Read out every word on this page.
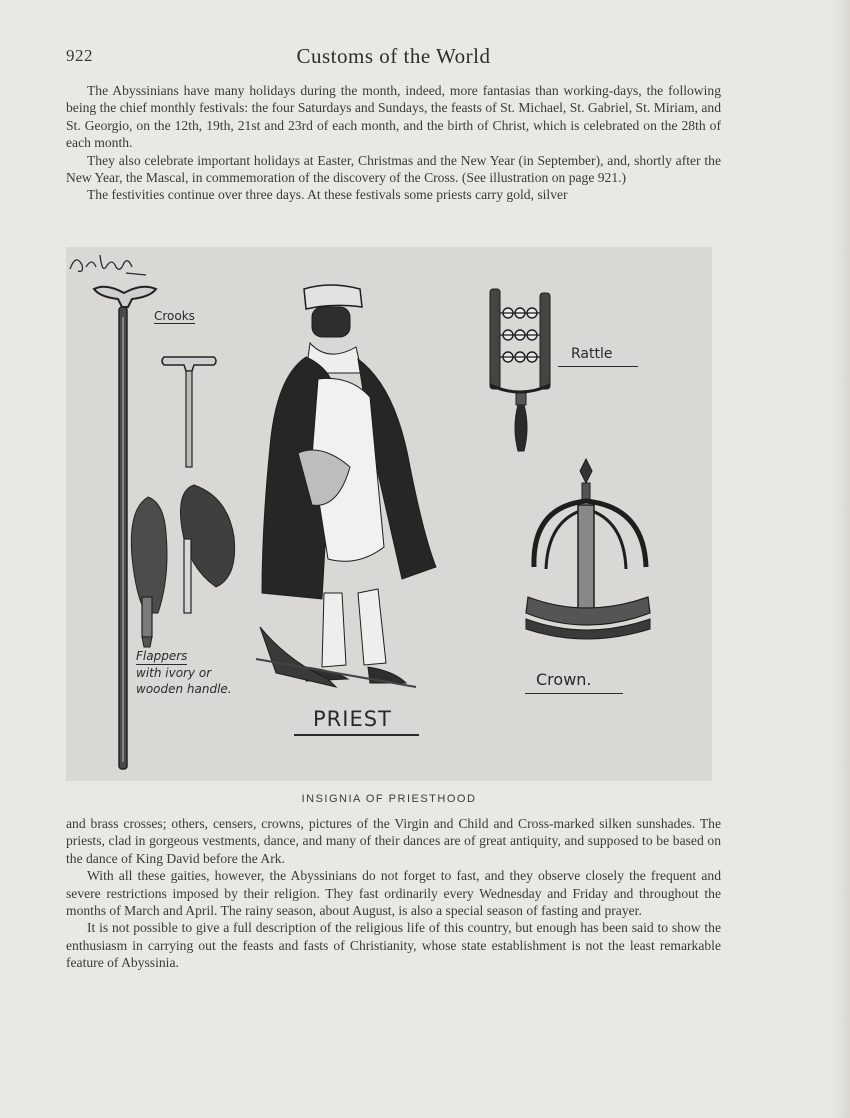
922	Customs of the World

The Abyssinians have many holidays during the month, indeed, more fantasias than working-days, the following being the chief monthly festivals: the four Saturdays and Sundays, the feasts of St. Michael, St. Gabriel, St. Miriam, and St. Georgio, on the 12th, 19th, 21st and 23rd of each month, and the birth of Christ, which is celebrated on the 28th of each month.

They also celebrate important holidays at Easter, Christmas and the New Year (in September), and, shortly after the New Year, the Mascal, in commemoration of the discovery of the Cross. (See illustration on page 921.)

The festivities continue over three days. At these festivals some priests carry gold, silver

Crooks
Rattle
Flappers
with ivory or
wooden handle.	Crown.
PRIEST
INSIGNIA OF PRIESTHOOD

and brass crosses; others, censers, crowns, pictures of the Virgin and Child and Cross-marked silken sunshades. The priests, clad in gorgeous vestments, dance, and many of their dances are of great antiquity, and supposed to be based on the dance of King David before the Ark.

With all these gaities, however, the Abyssinians do not forget to fast, and they observe closely the frequent and severe restrictions imposed by their religion. They fast ordinarily every Wednesday and Friday and throughout the months of March and April. The rainy season, about August, is also a special season of fasting and prayer.

It is not possible to give a full description of the religious life of this country, but enough has been said to show the enthusiasm in carrying out the feasts and fasts of Christianity, whose state establishment is not the least remarkable feature of Abyssinia.
